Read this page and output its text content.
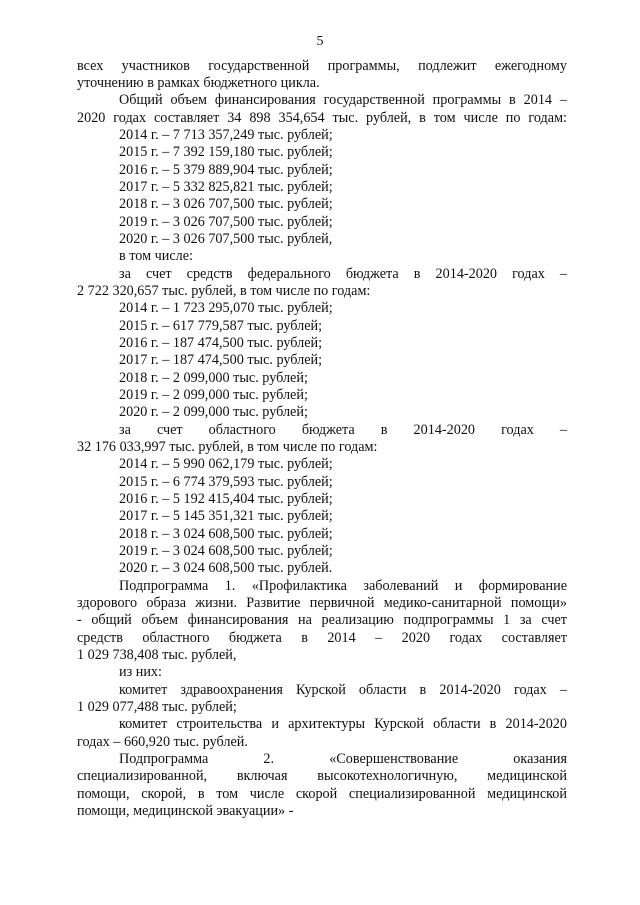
5
всех участников государственной программы, подлежит ежегодному
уточнению в рамках бюджетного цикла.
Общий объем финансирования государственной программы в 2014 –
2020 годах составляет 34 898 354,654 тыс. рублей, в том числе по годам:
2014 г. – 7 713 357,249 тыс. рублей;
2015 г. – 7 392 159,180 тыс. рублей;
2016 г. – 5 379 889,904 тыс. рублей;
2017 г. – 5 332 825,821 тыс. рублей;
2018 г. – 3 026 707,500 тыс. рублей;
2019 г. – 3 026 707,500 тыс. рублей;
2020 г. – 3 026 707,500 тыс. рублей,
в том числе:
за счет средств федерального бюджета в 2014-2020 годах –
2 722 320,657 тыс. рублей, в том числе по годам:
2014 г. – 1 723 295,070 тыс. рублей;
2015 г. – 617 779,587 тыс. рублей;
2016 г. – 187 474,500 тыс. рублей;
2017 г. – 187 474,500 тыс. рублей;
2018 г. – 2 099,000 тыс. рублей;
2019 г. – 2 099,000 тыс. рублей;
2020 г. – 2 099,000 тыс. рублей;
за счет областного бюджета в 2014-2020 годах –
32 176 033,997 тыс. рублей, в том числе по годам:
2014 г. – 5 990 062,179 тыс. рублей;
2015 г. – 6 774 379,593 тыс. рублей;
2016 г. – 5 192 415,404 тыс. рублей;
2017 г. – 5 145 351,321 тыс. рублей;
2018 г. – 3 024 608,500 тыс. рублей;
2019 г. – 3 024 608,500 тыс. рублей;
2020 г. – 3 024 608,500 тыс. рублей.
Подпрограмма 1. «Профилактика заболеваний и формирование
здорового образа жизни. Развитие первичной медико-санитарной помощи»
- общий объем финансирования на реализацию подпрограммы 1 за счет
средств областного бюджета в 2014 – 2020 годах составляет
1 029 738,408 тыс. рублей,
из них:
комитет здравоохранения Курской области в 2014-2020 годах –
1 029 077,488 тыс. рублей;
комитет строительства и архитектуры Курской области в 2014-2020
годах – 660,920 тыс. рублей.
Подпрограмма 2. «Совершенствование оказания
специализированной, включая высокотехнологичную, медицинской
помощи, скорой, в том числе скорой специализированной медицинской
помощи, медицинской эвакуации» -
